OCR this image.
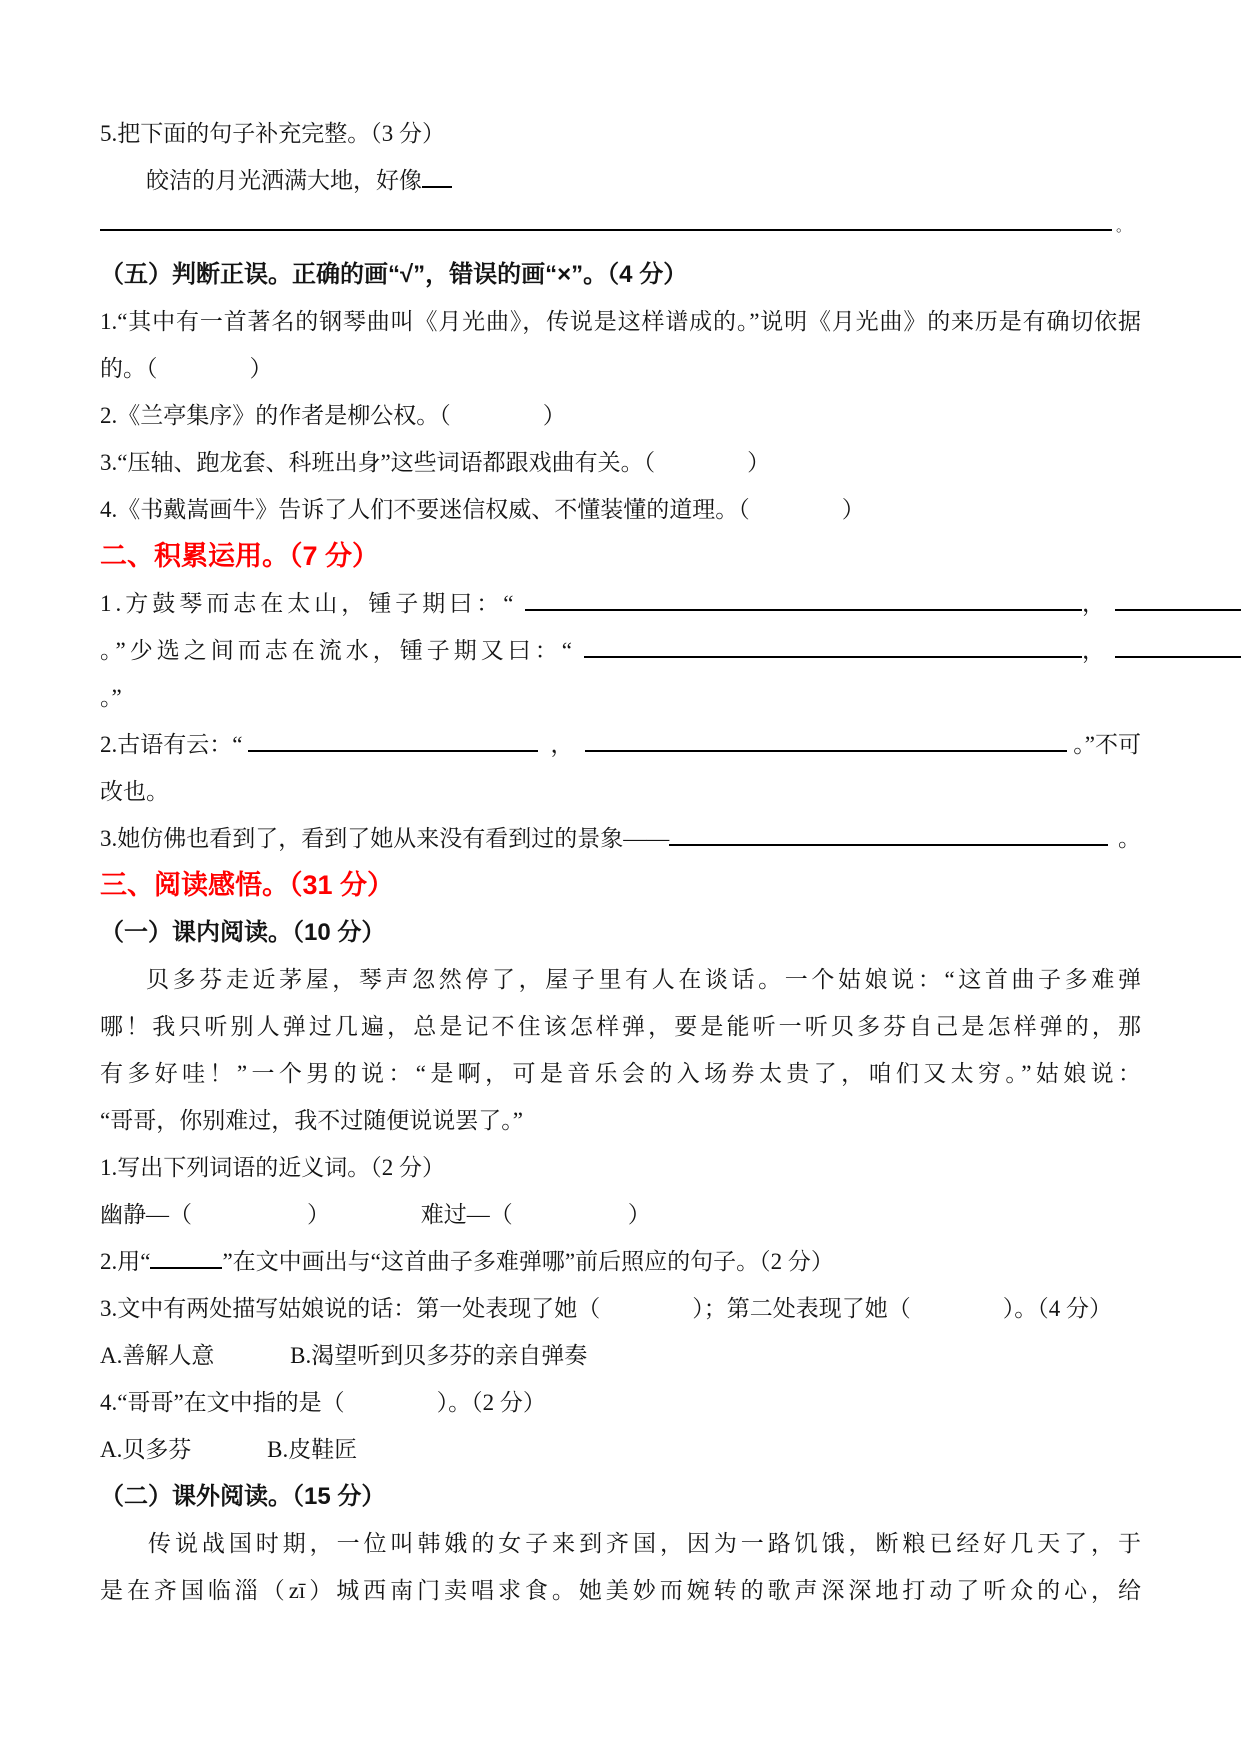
5.把下面的句子补充完整。（3 分）
皎洁的月光洒满大地，好像
。
（五）判断正误。正确的画“√”，错误的画“×”。（4 分）
1.“其中有一首著名的钢琴曲叫《月光曲》，传说是这样谱成的。”说明《月光曲》的来历是有确切依据
的。（　　　　）
2.《兰亭集序》的作者是柳公权。（　　　　）
3.“压轴、跑龙套、科班出身”这些词语都跟戏曲有关。（　　　　）
4.《书戴嵩画牛》告诉了人们不要迷信权威、不懂装懂的道理。（　　　　）
二、积累运用。（7 分）
1.方鼓琴而志在太山，锺子期曰：“	，
。”少选之间而志在流水，锺子期又曰：“	，
。”
2.古语有云：“	，	。”不可
改也。
3.她仿佛也看到了，看到了她从来没有看到过的景象——	。
三、阅读感悟。（31 分）
（一）课内阅读。（10 分）
贝多芬走近茅屋，琴声忽然停了，屋子里有人在谈话。一个姑娘说：“这首曲子多难弹
哪！我只听别人弹过几遍，总是记不住该怎样弹，要是能听一听贝多芬自己是怎样弹的，那
有多好哇！”一个男的说：“是啊，可是音乐会的入场券太贵了，咱们又太穷。”姑娘说：
“哥哥，你别难过，我不过随便说说罢了。”
1.写出下列词语的近义词。（2 分）
幽静—（　　　　　）	难过—（　　　　　）
2.用“	”在文中画出与“这首曲子多难弹哪”前后照应的句子。（2 分）
3.文中有两处描写姑娘说的话：第一处表现了她（　　　　）；第二处表现了她（　　　　）。（4 分）
A.善解人意	B.渴望听到贝多芬的亲自弹奏
4.“哥哥”在文中指的是（　　　　）。（2 分）
A.贝多芬	B.皮鞋匠
（二）课外阅读。（15 分）
传说战国时期，一位叫韩娥的女子来到齐国，因为一路饥饿，断粮已经好几天了，于
是在齐国临淄（zī）城西南门卖唱求食。她美妙而婉转的歌声深深地打动了听众的心，给
